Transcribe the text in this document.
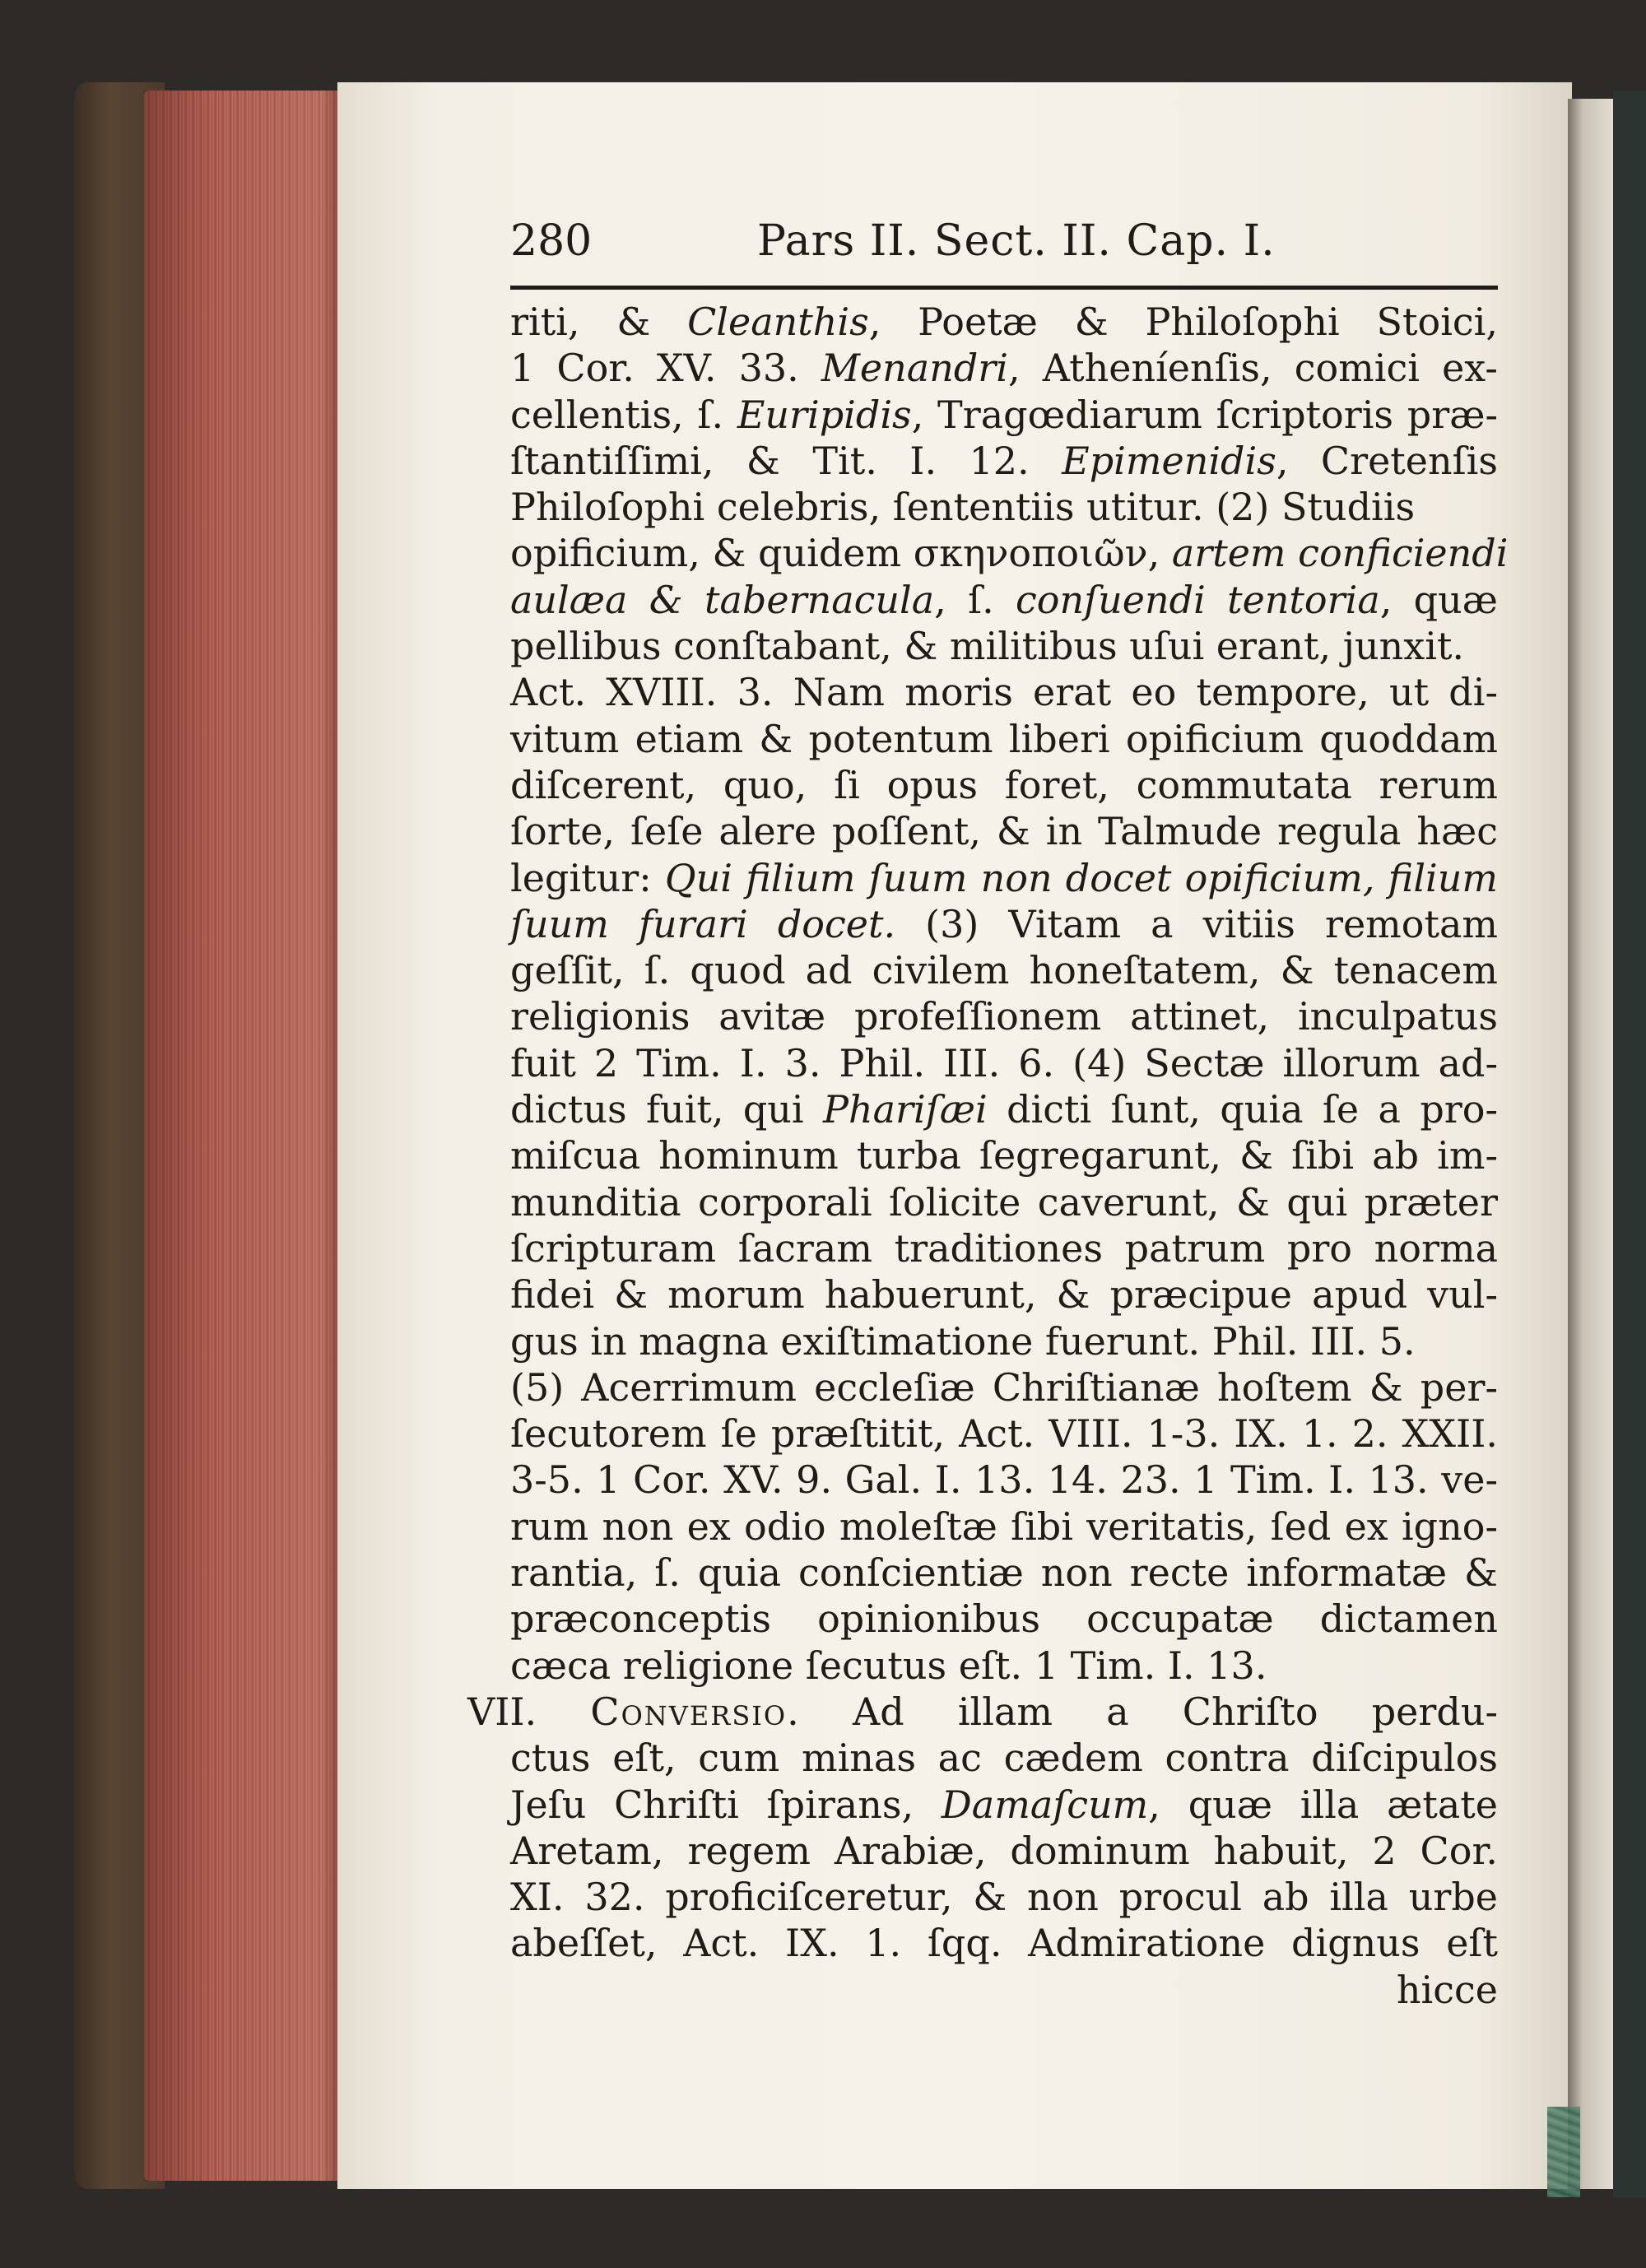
280	Pars II. Sect. II. Cap. I.
riti, & Cleanthis, Poetæ & Philoſophi Stoici,
1 Cor. XV. 33. Menandri, Atheníenſis, comici ex-
cellentis, ſ. Euripidis, Tragœdiarum ſcriptoris præ-
ſtantiſſimi, & Tit. I. 12. Epimenidis, Cretenſis
Philoſophi celebris, ſententiis utitur. (2) Studiis
opificium, & quidem σκηνοποιῶν, artem conficiendi
aulæa & tabernacula, ſ. conſuendi tentoria, quæ
pellibus conſtabant, & militibus uſui erant, junxit.
Act. XVIII. 3. Nam moris erat eo tempore, ut di-
vitum etiam & potentum liberi opificium quoddam
diſcerent, quo, ſi opus foret, commutata rerum
ſorte, ſeſe alere poſſent, & in Talmude regula hæc
legitur: Qui filium ſuum non docet opificium, filium
ſuum furari docet. (3) Vitam a vitiis remotam
geſſit, ſ. quod ad civilem honeſtatem, & tenacem
religionis avitæ profeſſionem attinet, inculpatus
fuit 2 Tim. I. 3. Phil. III. 6. (4) Sectæ illorum ad-
dictus fuit, qui Phariſæi dicti ſunt, quia ſe a pro-
miſcua hominum turba ſegregarunt, & ſibi ab im-
munditia corporali ſolicite caverunt, & qui præter
ſcripturam ſacram traditiones patrum pro norma
fidei & morum habuerunt, & præcipue apud vul-
gus in magna exiſtimatione fuerunt. Phil. III. 5.
(5) Acerrimum eccleſiæ Chriſtianæ hoſtem & per-
ſecutorem ſe præſtitit, Act. VIII. 1-3. IX. 1. 2. XXII.
3-5. 1 Cor. XV. 9. Gal. I. 13. 14. 23. 1 Tim. I. 13. ve-
rum non ex odio moleſtæ ſibi veritatis, ſed ex igno-
rantia, ſ. quia conſcientiæ non recte informatæ &
præconceptis opinionibus occupatæ dictamen
cæca religione ſecutus eſt. 1 Tim. I. 13.
VII. Conversio. Ad illam a Chriſto perdu-
ctus eſt, cum minas ac cædem contra diſcipulos
Jeſu Chriſti ſpirans, Damaſcum, quæ illa ætate
Aretam, regem Arabiæ, dominum habuit, 2 Cor.
XI. 32. proficiſceretur, & non procul ab illa urbe
abeſſet, Act. IX. 1. ſqq. Admiratione dignus eſt
hicce
